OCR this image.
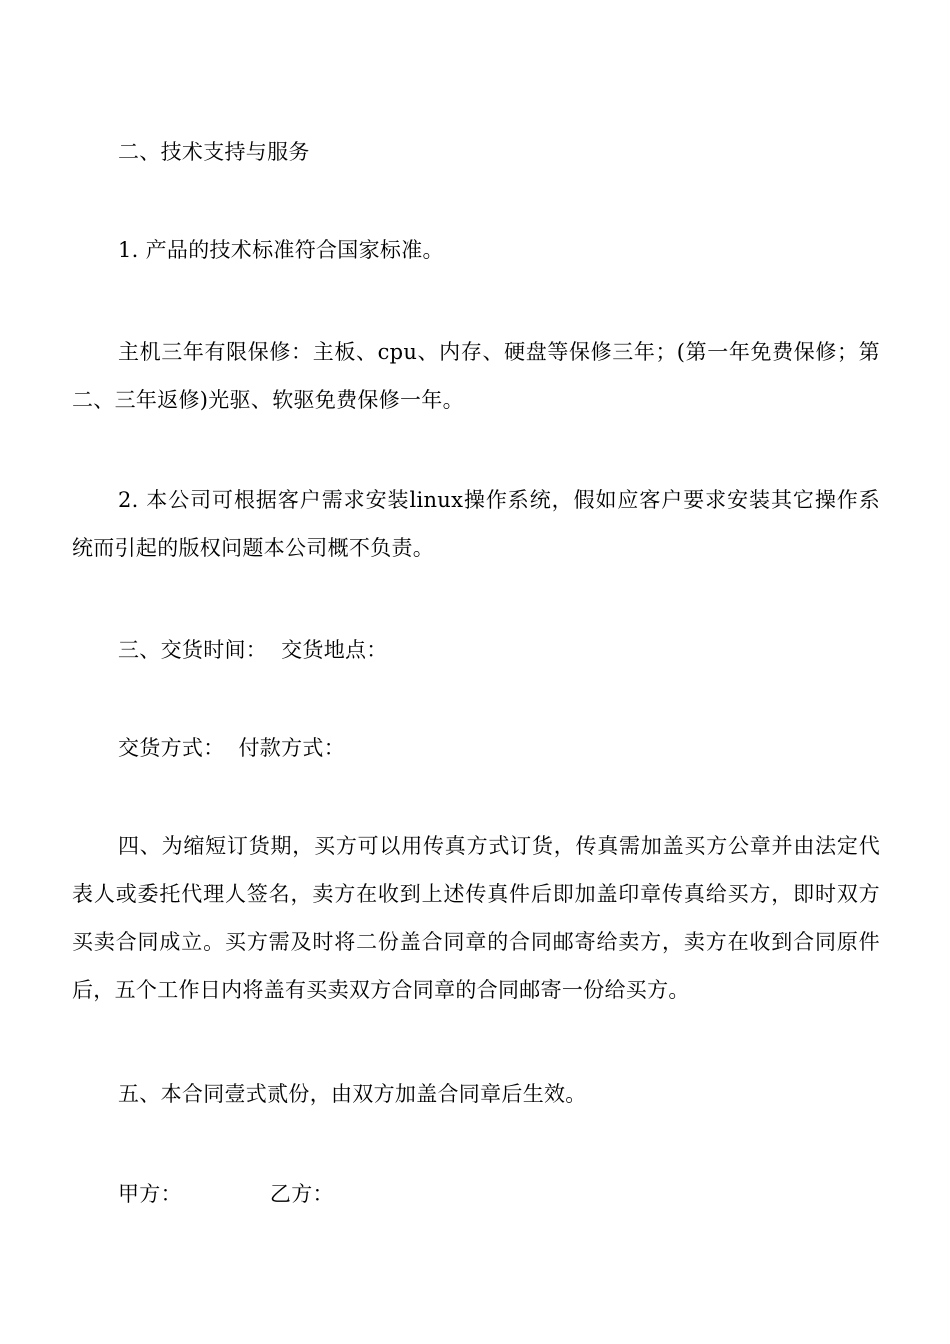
二、技术支持与服务
1. 产品的技术标准符合国家标准。
主机三年有限保修：主板、cpu、内存、硬盘等保修三年；(第一年免费保修；第二、三年返修)光驱、软驱免费保修一年。
2. 本公司可根据客户需求安装linux操作系统，假如应客户要求安装其它操作系统而引起的版权问题本公司概不负责。
三、交货时间： 交货地点：
交货方式： 付款方式：
四、为缩短订货期，买方可以用传真方式订货，传真需加盖买方公章并由法定代表人或委托代理人签名，卖方在收到上述传真件后即加盖印章传真给买方，即时双方买卖合同成立。买方需及时将二份盖合同章的合同邮寄给卖方，卖方在收到合同原件后，五个工作日内将盖有买卖双方合同章的合同邮寄一份给买方。
五、本合同壹式贰份，由双方加盖合同章后生效。
甲方：	乙方：
